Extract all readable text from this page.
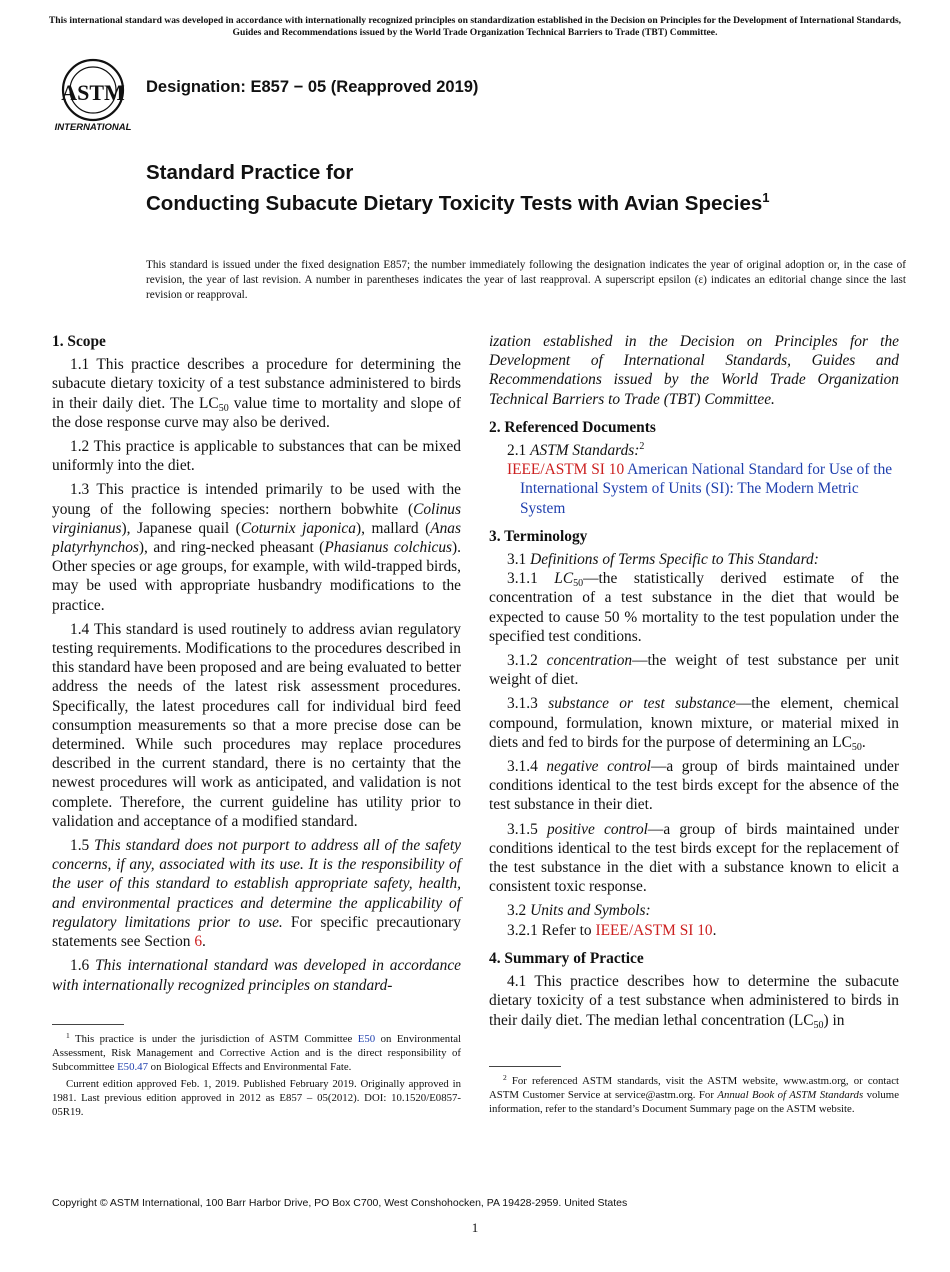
This international standard was developed in accordance with internationally recognized principles on standardization established in the Decision on Principles for the Development of International Standards, Guides and Recommendations issued by the World Trade Organization Technical Barriers to Trade (TBT) Committee.
ASTM
INTERNATIONAL
Designation: E857 − 05 (Reapproved 2019)
Standard Practice for
Conducting Subacute Dietary Toxicity Tests with Avian Species$^1$
This standard is issued under the fixed designation E857; the number immediately following the designation indicates the year of original adoption or, in the case of revision, the year of last revision. A number in parentheses indicates the year of last reapproval. A superscript epsilon (ε) indicates an editorial change since the last revision or reapproval.
1. Scope

1.1 This practice describes a procedure for determining the subacute dietary toxicity of a test substance administered to birds in their daily diet. The $LC_{50}$ value time to mortality and slope of the dose response curve may also be derived.

1.2 This practice is applicable to substances that can be mixed uniformly into the diet.

1.3 This practice is intended primarily to be used with the young of the following species: northern bobwhite (Colinus virginianus), Japanese quail (Coturnix japonica), mallard (Anas platyrhynchos), and ring-necked pheasant (Phasianus colchicus). Other species or age groups, for example, with wild-trapped birds, may be used with appropriate husbandry modifications to the practice.

1.4 This standard is used routinely to address avian regulatory testing requirements. Modifications to the procedures described in this standard have been proposed and are being evaluated to better address the needs of the latest risk assessment procedures. Specifically, the latest procedures call for individual bird feed consumption measurements so that a more precise dose can be determined. While such procedures may replace procedures described in the current standard, there is no certainty that the newest procedures will work as anticipated, and validation is not complete. Therefore, the current guideline has utility prior to validation and acceptance of a modified standard.

1.5 This standard does not purport to address all of the safety concerns, if any, associated with its use. It is the responsibility of the user of this standard to establish appropriate safety, health, and environmental practices and determine the applicability of regulatory limitations prior to use. For specific precautionary statements see Section 6.

1.6 This international standard was developed in accordance with internationally recognized principles on standard-

$^1$ This practice is under the jurisdiction of ASTM Committee E50 on Environmental Assessment, Risk Management and Corrective Action and is the direct responsibility of Subcommittee E50.47 on Biological Effects and Environmental Fate.

Current edition approved Feb. 1, 2019. Published February 2019. Originally approved in 1981. Last previous edition approved in 2012 as E857 – 05(2012). DOI: 10.1520/E0857-05R19.

ization established in the Decision on Principles for the Development of International Standards, Guides and Recommendations issued by the World Trade Organization Technical Barriers to Trade (TBT) Committee.

2. Referenced Documents

2.1 ASTM Standards:$^2$

IEEE/ASTM SI 10 American National Standard for Use of the International System of Units (SI): The Modern Metric System

3. Terminology

3.1 Definitions of Terms Specific to This Standard:

3.1.1 $LC_{50}—the$ statistically derived estimate of the concentration of a test substance in the diet that would be expected to cause 50 % mortality to the test population under the specified test conditions.

3.1.2 concentration—the weight of test substance per unit weight of diet.

3.1.3 substance or test substance—the element, chemical compound, formulation, known mixture, or material mixed in diets and fed to birds for the purpose of determining an $LC_{50}$.

3.1.4 negative control—a group of birds maintained under conditions identical to the test birds except for the absence of the test substance in their diet.

3.1.5 positive control—a group of birds maintained under conditions identical to the test birds except for the replacement of the test substance in the diet with a substance known to elicit a consistent toxic response.

3.2 Units and Symbols:

3.2.1 Refer to IEEE/ASTM SI 10.

4. Summary of Practice

4.1 This practice describes how to determine the subacute dietary toxicity of a test substance when administered to birds in their daily diet. The median lethal concentration $(LC_{50})$ in

$^2$ For referenced ASTM standards, visit the ASTM website, www.astm.org, or contact ASTM Customer Service at service@astm.org. For Annual Book of ASTM Standards volume information, refer to the standard’s Document Summary page on the ASTM website.

Copyright © ASTM International, 100 Barr Harbor Drive, PO Box C700, West Conshohocken, PA 19428-2959. United States
1
